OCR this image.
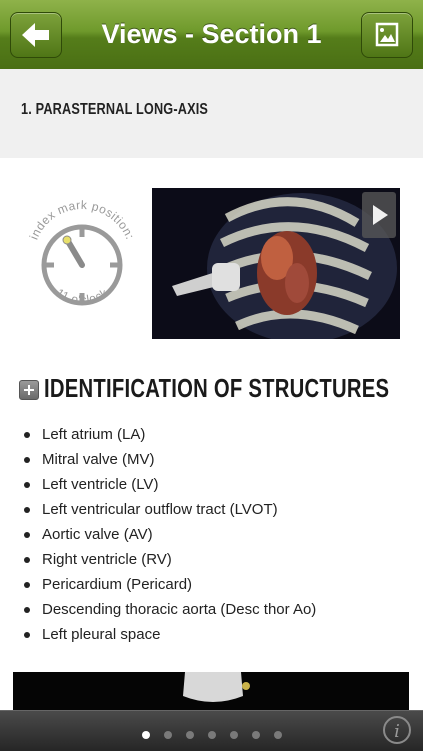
Views - Section 1
1. PARASTERNAL LONG-AXIS
index mark position:
11 o'clock
IDENTIFICATION OF STRUCTURES
Left atrium (LA)
Mitral valve (MV)
Left ventricle (LV)
Left ventricular outflow tract (LVOT)
Aortic valve (AV)
Right ventricle (RV)
Pericardium (Pericard)
Descending thoracic aorta (Desc thor Ao)
Left pleural space
i
